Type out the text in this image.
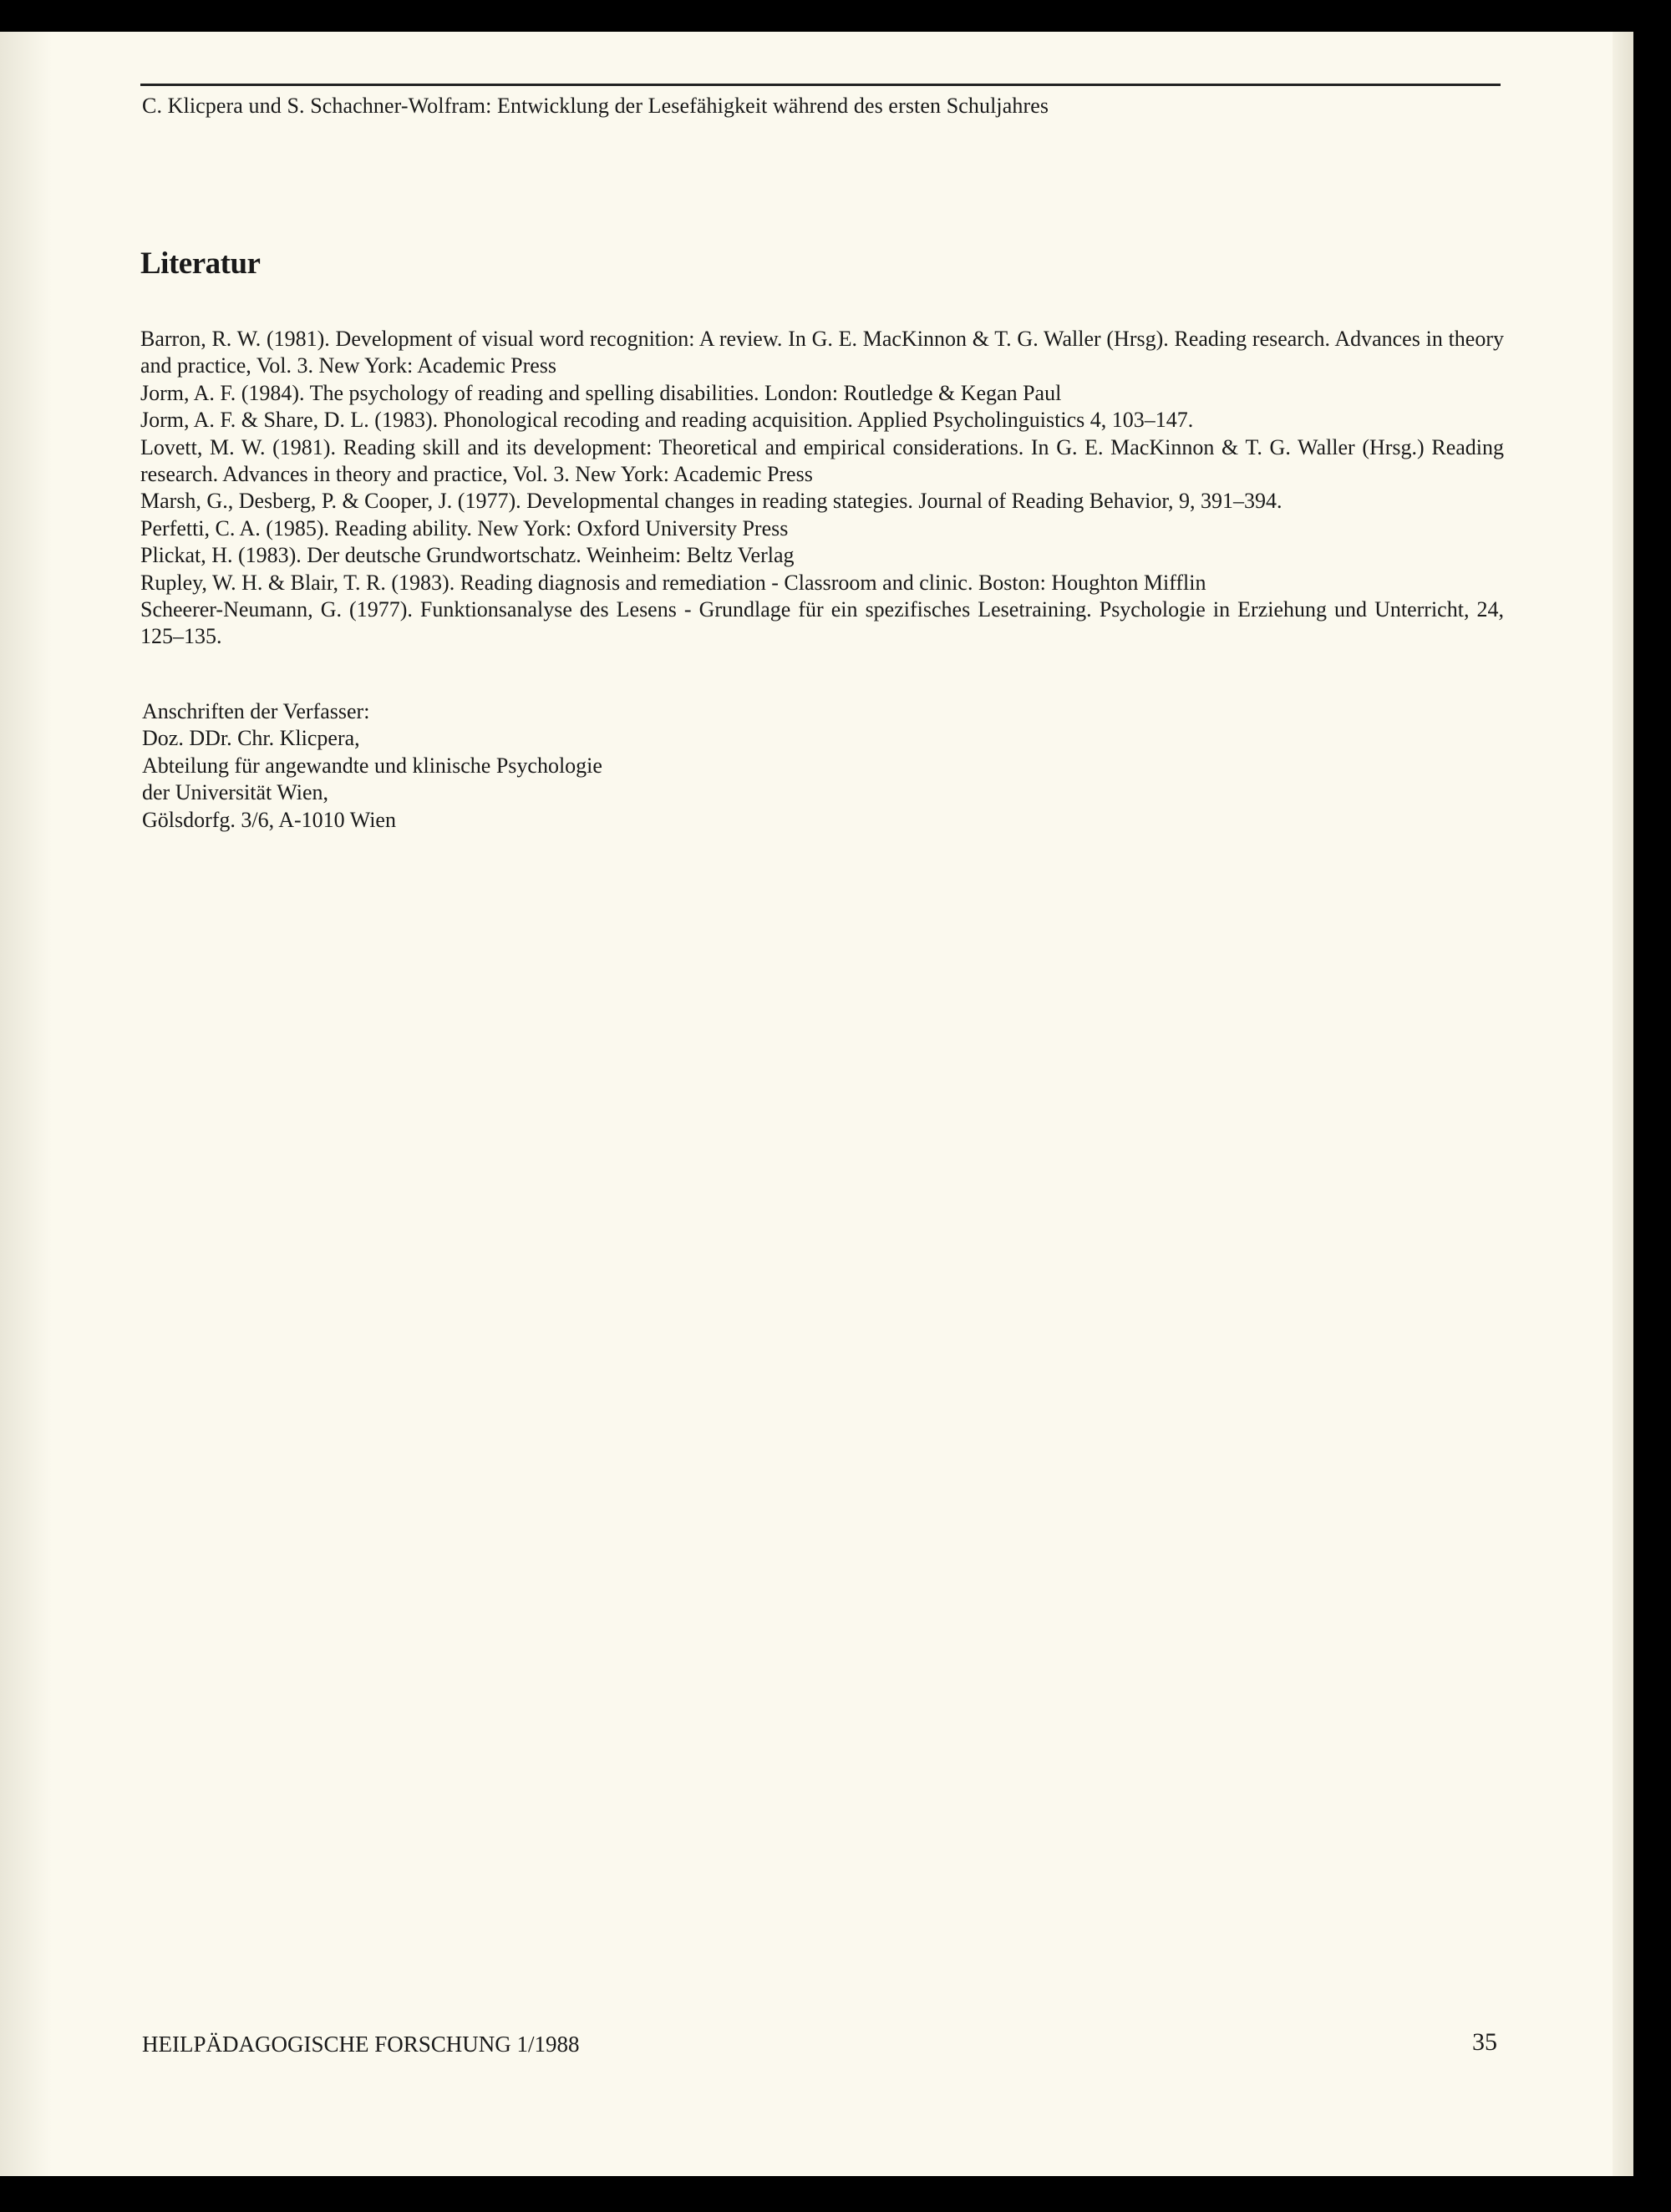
C. Klicpera und S. Schachner-Wolfram: Entwicklung der Lesefähigkeit während des ersten Schuljahres
Literatur

Barron, R. W. (1981). Development of visual word recognition: A review. In G. E. MacKinnon & T. G. Waller (Hrsg). Reading research. Advances in theory and practice, Vol. 3. New York: Academic Press

Jorm, A. F. (1984). The psychology of reading and spelling disabilities. London: Routledge & Kegan Paul

Jorm, A. F. & Share, D. L. (1983). Phonological recoding and reading acquisition. Applied Psycholinguistics 4, 103–147.

Lovett, M. W. (1981). Reading skill and its development: Theoretical and empirical considerations. In G. E. MacKinnon & T. G. Waller (Hrsg.) Reading research. Advances in theory and practice, Vol. 3. New York: Academic Press

Marsh, G., Desberg, P. & Cooper, J. (1977). Developmental changes in reading stategies. Journal of Reading Behavior, 9, 391–394.

Perfetti, C. A. (1985). Reading ability. New York: Oxford University Press

Plickat, H. (1983). Der deutsche Grundwortschatz. Weinheim: Beltz Verlag

Rupley, W. H. & Blair, T. R. (1983). Reading diagnosis and remediation - Classroom and clinic. Boston: Houghton Mifflin

Scheerer-Neumann, G. (1977). Funktionsanalyse des Lesens - Grundlage für ein spezifisches Lesetraining. Psychologie in Erziehung und Unterricht, 24, 125–135.

Anschriften der Verfasser:
Doz. DDr. Chr. Klicpera,
Abteilung für angewandte und klinische Psychologie
der Universität Wien,
Gölsdorfg. 3/6, A-1010 Wien
HEILPÄDAGOGISCHE FORSCHUNG 1/1988	35
